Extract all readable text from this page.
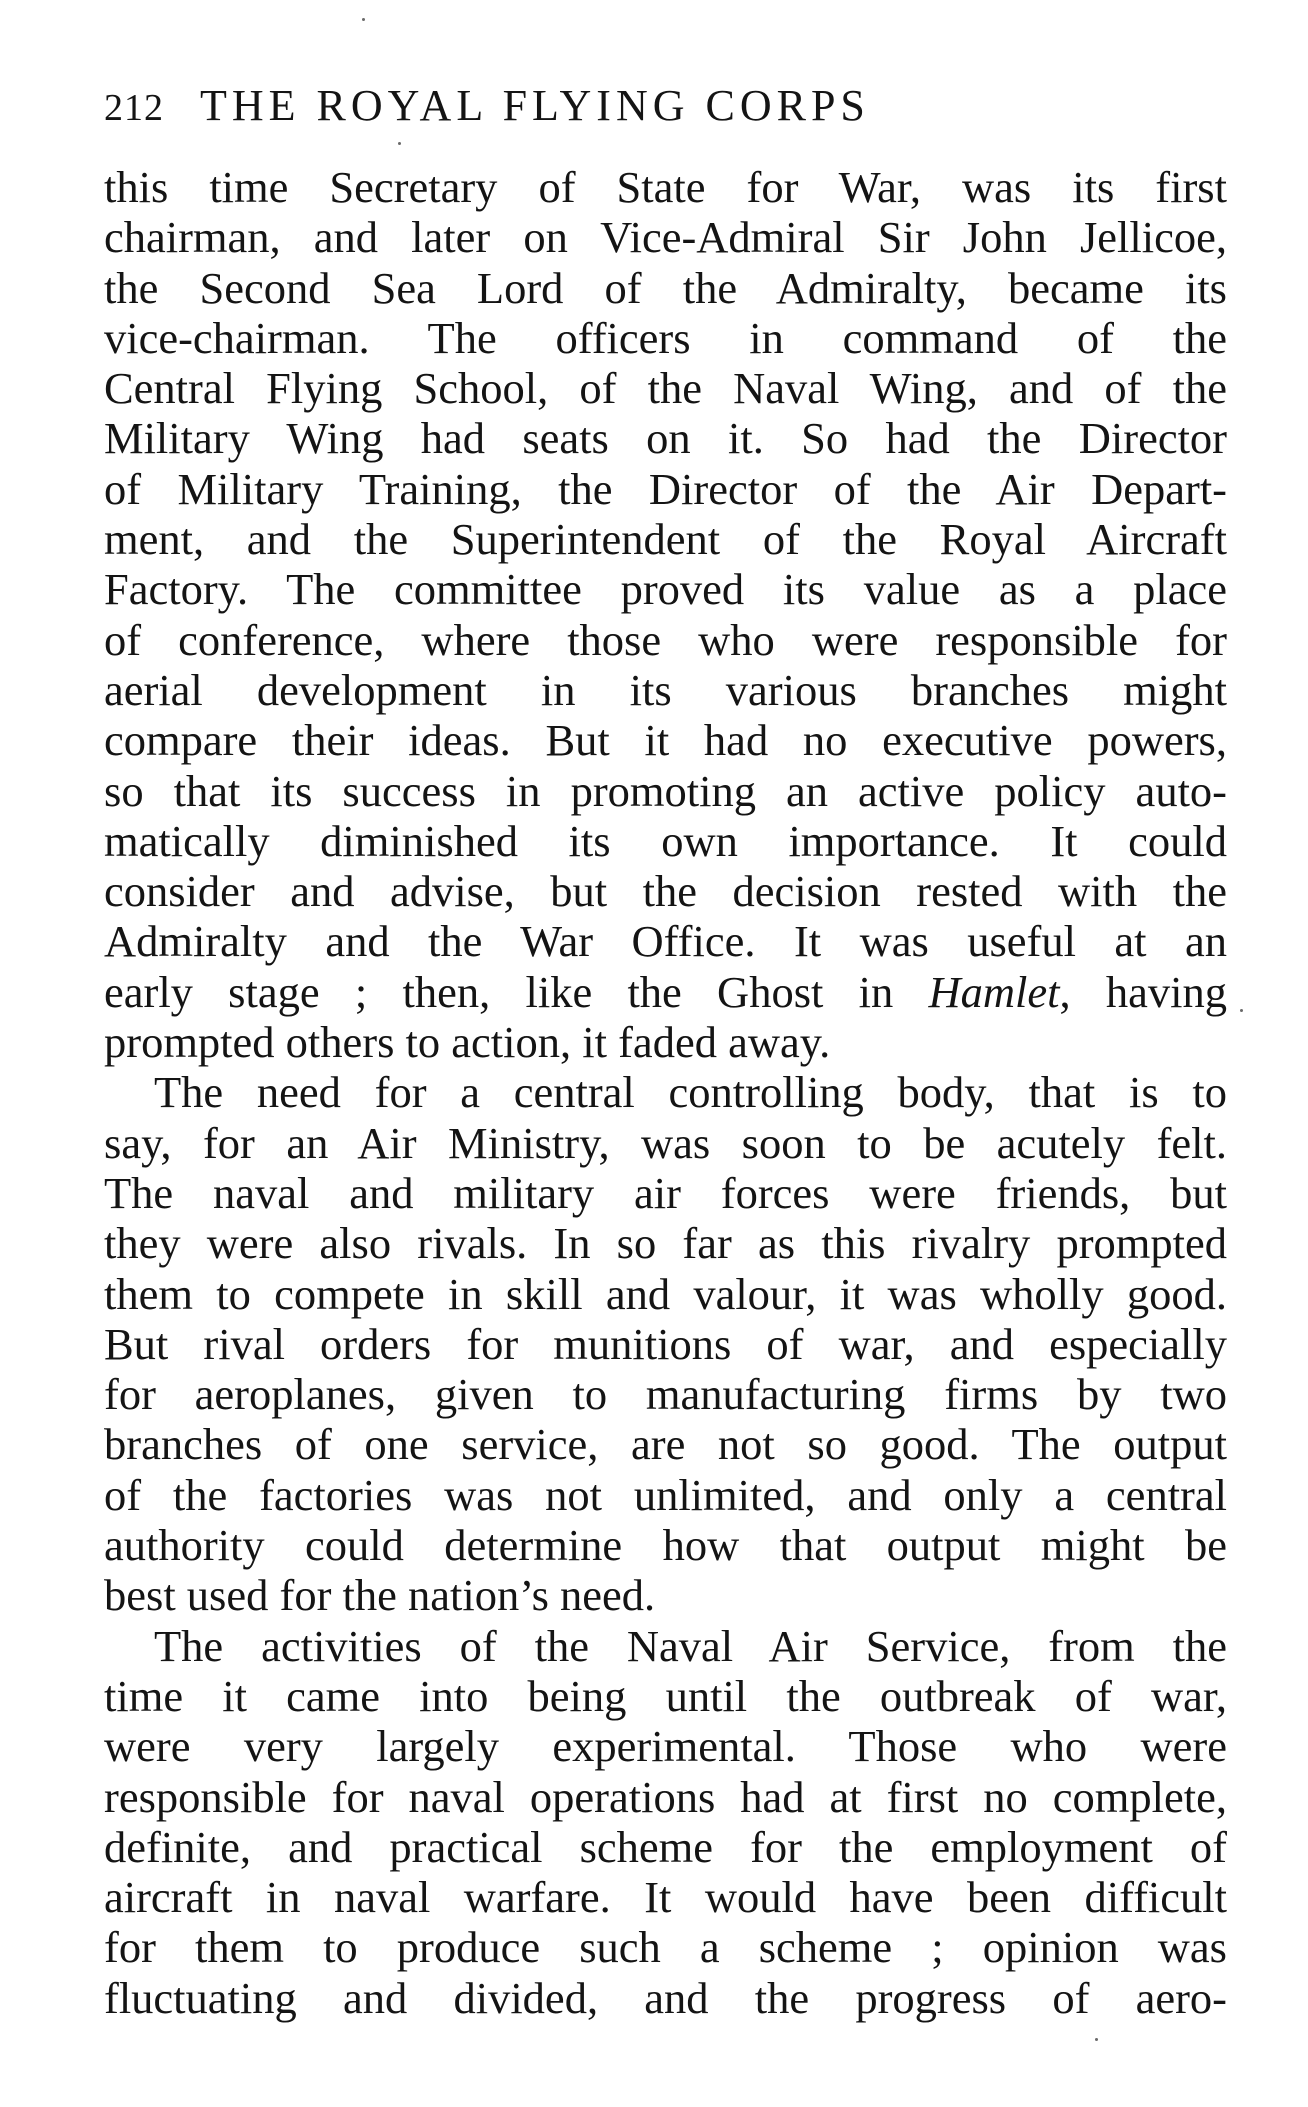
212 THE ROYAL FLYING CORPS
this time Secretary of State for War, was its first
chairman, and later on Vice-Admiral Sir John Jellicoe,
the Second Sea Lord of the Admiralty, became its
vice-chairman. The officers in command of the
Central Flying School, of the Naval Wing, and of the
Military Wing had seats on it. So had the Director
of Military Training, the Director of the Air Depart-
ment, and the Superintendent of the Royal Aircraft
Factory. The committee proved its value as a place
of conference, where those who were responsible for
aerial development in its various branches might
compare their ideas. But it had no executive powers,
so that its success in promoting an active policy auto-
matically diminished its own importance. It could
consider and advise, but the decision rested with the
Admiralty and the War Office. It was useful at an
early stage ; then, like the Ghost in Hamlet, having
prompted others to action, it faded away.
The need for a central controlling body, that is to
say, for an Air Ministry, was soon to be acutely felt.
The naval and military air forces were friends, but
they were also rivals. In so far as this rivalry prompted
them to compete in skill and valour, it was wholly good.
But rival orders for munitions of war, and especially
for aeroplanes, given to manufacturing firms by two
branches of one service, are not so good. The output
of the factories was not unlimited, and only a central
authority could determine how that output might be
best used for the nation’s need.
The activities of the Naval Air Service, from the
time it came into being until the outbreak of war,
were very largely experimental. Those who were
responsible for naval operations had at first no complete,
definite, and practical scheme for the employment of
aircraft in naval warfare. It would have been difficult
for them to produce such a scheme ; opinion was
fluctuating and divided, and the progress of aero-
